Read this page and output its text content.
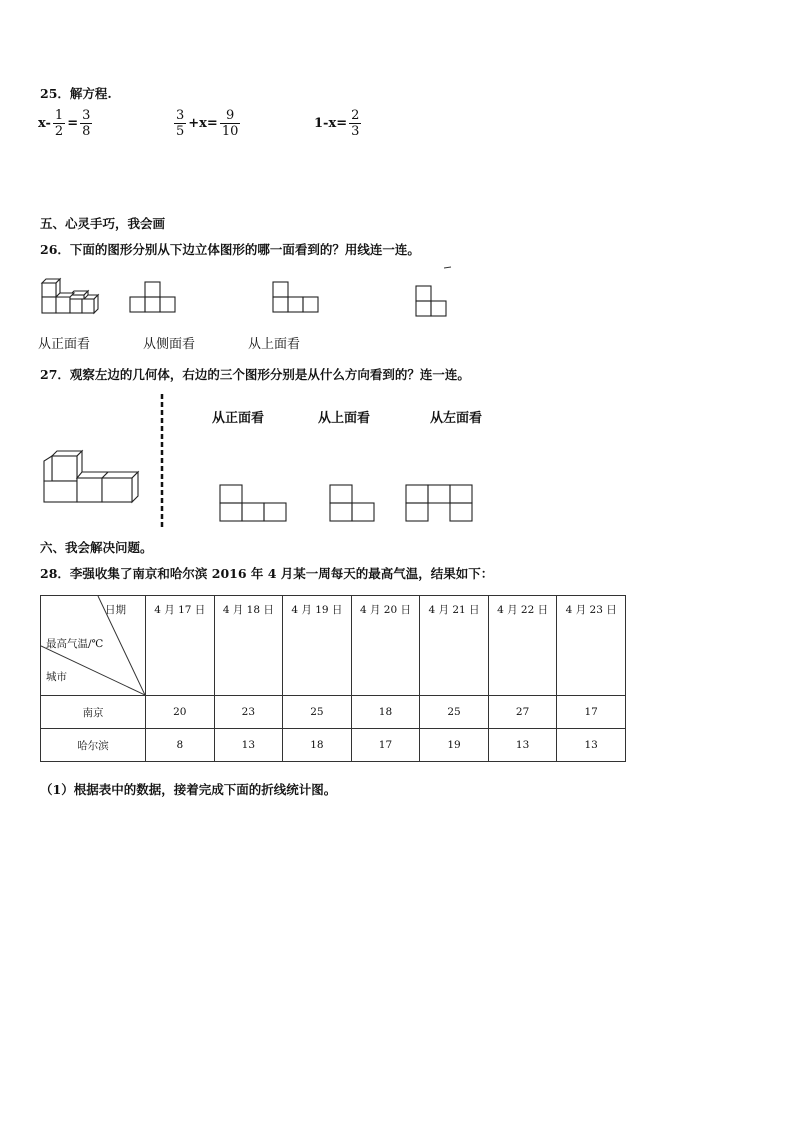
25．解方程.
$x- \frac{1}{2} = \frac{3}{8}$	$\frac{3}{5} +x= \frac{9}{10}$	$1-x= \frac{2}{3}$
五、心灵手巧，我会画
26．下面的图形分别从下边立体图形的哪一面看到的？用线连一连。
从正面看	从侧面看	从上面看
27．观察左边的几何体，右边的三个图形分别是从什么方向看到的？连一连。
从正面看	从上面看	从左面看
六、我会解决问题。
28．李强收集了南京和哈尔滨 2016 年 4 月某一周每天的最高气温，结果如下：
日期
最高气温/℃
城市	4 月 17 日	4 月 18 日	4 月 19 日	4 月 20 日	4 月 21 日	4 月 22 日	4 月 23 日
南京	20	23	25	18	25	27	17
哈尔滨	8	13	18	17	19	13	13
（1）根据表中的数据，接着完成下面的折线统计图。
